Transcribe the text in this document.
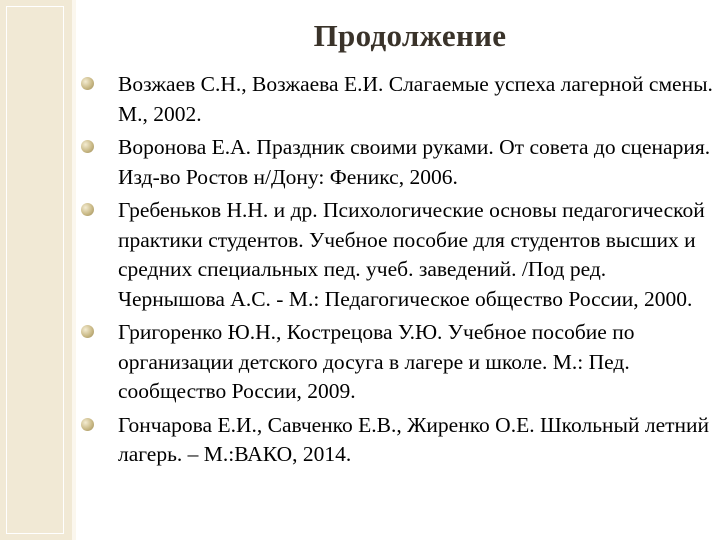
Продолжение
Возжаев С.Н., Возжаева Е.И. Слагаемые успеха лагерной смены. М., 2002.
Воронова Е.А. Праздник своими руками. От совета до сценария. Изд-во Ростов н/Дону: Феникс, 2006.
Гребеньков Н.Н. и др. Психологические основы педагогической практики студентов. Учебное пособие для студентов высших и средних специальных пед. учеб. заведений. /Под ред. Чернышова А.С. - М.: Педагогическое общество России, 2000.
Григоренко Ю.Н., Кострецова У.Ю. Учебное пособие по организации детского досуга в лагере и школе. М.: Пед. сообщество России, 2009.
Гончарова Е.И., Савченко Е.В., Жиренко О.Е. Школьный летний лагерь. – М.:ВАКО, 2014.
